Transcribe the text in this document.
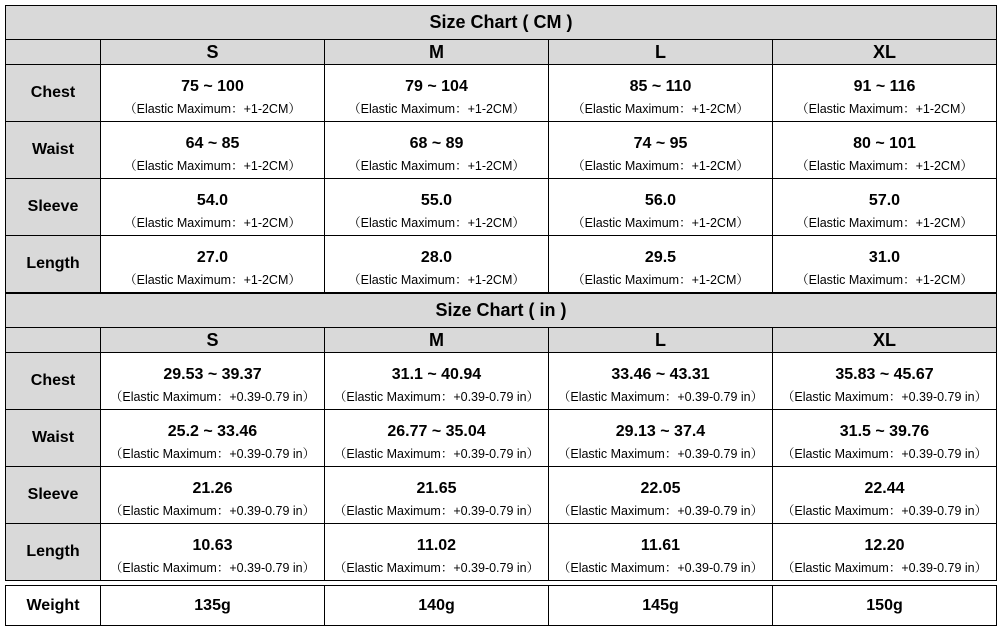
Size Chart ( CM )				
	S	M	L	XL
Chest	75 ~ 100	79 ~ 104	85 ~ 110	91 ~ 116
	（Elastic Maximum：+1-2CM）	（Elastic Maximum：+1-2CM）	（Elastic Maximum：+1-2CM）	（Elastic Maximum：+1-2CM）
Waist	64 ~ 85	68 ~ 89	74 ~ 95	80 ~ 101
	（Elastic Maximum：+1-2CM）	（Elastic Maximum：+1-2CM）	（Elastic Maximum：+1-2CM）	（Elastic Maximum：+1-2CM）
Sleeve	54.0	55.0	56.0	57.0
	（Elastic Maximum：+1-2CM）	（Elastic Maximum：+1-2CM）	（Elastic Maximum：+1-2CM）	（Elastic Maximum：+1-2CM）
Length	27.0	28.0	29.5	31.0
	（Elastic Maximum：+1-2CM）	（Elastic Maximum：+1-2CM）	（Elastic Maximum：+1-2CM）	（Elastic Maximum：+1-2CM）
Size Chart ( in )				
	S	M	L	XL
Chest	29.53 ~ 39.37	31.1 ~ 40.94	33.46 ~ 43.31	35.83 ~ 45.67
	（Elastic Maximum：+0.39-0.79 in）	（Elastic Maximum：+0.39-0.79 in）	（Elastic Maximum：+0.39-0.79 in）	（Elastic Maximum：+0.39-0.79 in）
Waist	25.2 ~ 33.46	26.77 ~ 35.04	29.13 ~ 37.4	31.5 ~ 39.76
	（Elastic Maximum：+0.39-0.79 in）	（Elastic Maximum：+0.39-0.79 in）	（Elastic Maximum：+0.39-0.79 in）	（Elastic Maximum：+0.39-0.79 in）
Sleeve	21.26	21.65	22.05	22.44
	（Elastic Maximum：+0.39-0.79 in）	（Elastic Maximum：+0.39-0.79 in）	（Elastic Maximum：+0.39-0.79 in）	（Elastic Maximum：+0.39-0.79 in）
Length	10.63	11.02	11.61	12.20
	（Elastic Maximum：+0.39-0.79 in）	（Elastic Maximum：+0.39-0.79 in）	（Elastic Maximum：+0.39-0.79 in）	（Elastic Maximum：+0.39-0.79 in）
Weight	135g	140g	145g	150g
